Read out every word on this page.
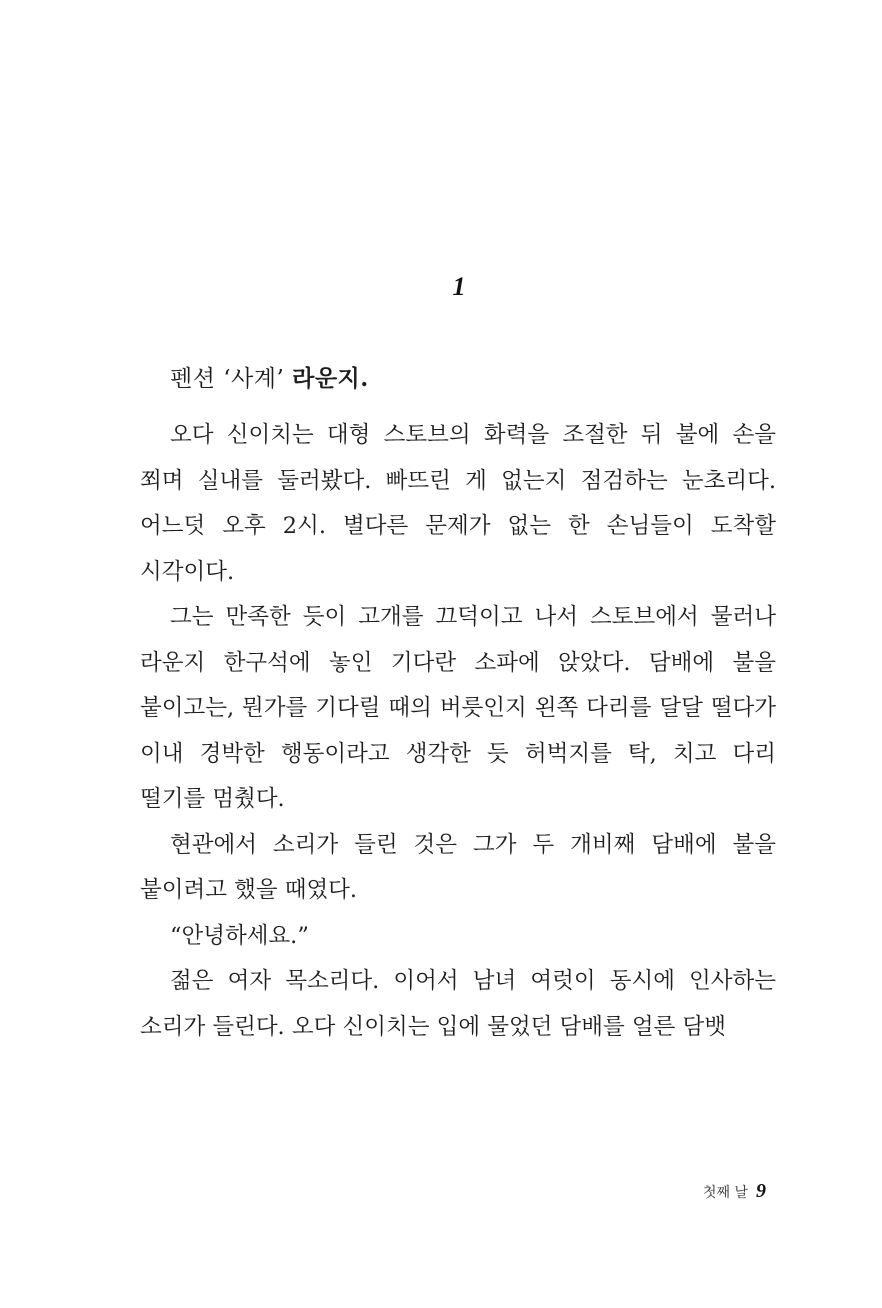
1
펜션 ‘사계’ 라운지.

오다 신이치는 대형 스토브의 화력을 조절한 뒤 불에 손을 쬐며 실내를 둘러봤다. 빠뜨린 게 없는지 점검하는 눈초리다. 어느덧 오후 2시. 별다른 문제가 없는 한 손님들이 도착할 시각이다.

그는 만족한 듯이 고개를 끄덕이고 나서 스토브에서 물러나 라운지 한구석에 놓인 기다란 소파에 앉았다. 담배에 불을 붙이고는, 뭔가를 기다릴 때의 버릇인지 왼쪽 다리를 달달 떨다가 이내 경박한 행동이라고 생각한 듯 허벅지를 탁, 치고 다리 떨기를 멈췄다.

현관에서 소리가 들린 것은 그가 두 개비째 담배에 불을 붙이려고 했을 때였다.

“안녕하세요.”

젊은 여자 목소리다. 이어서 남녀 여럿이 동시에 인사하는 소리가 들린다. 오다 신이치는 입에 물었던 담배를 얼른 담뱃

첫째 날 9
